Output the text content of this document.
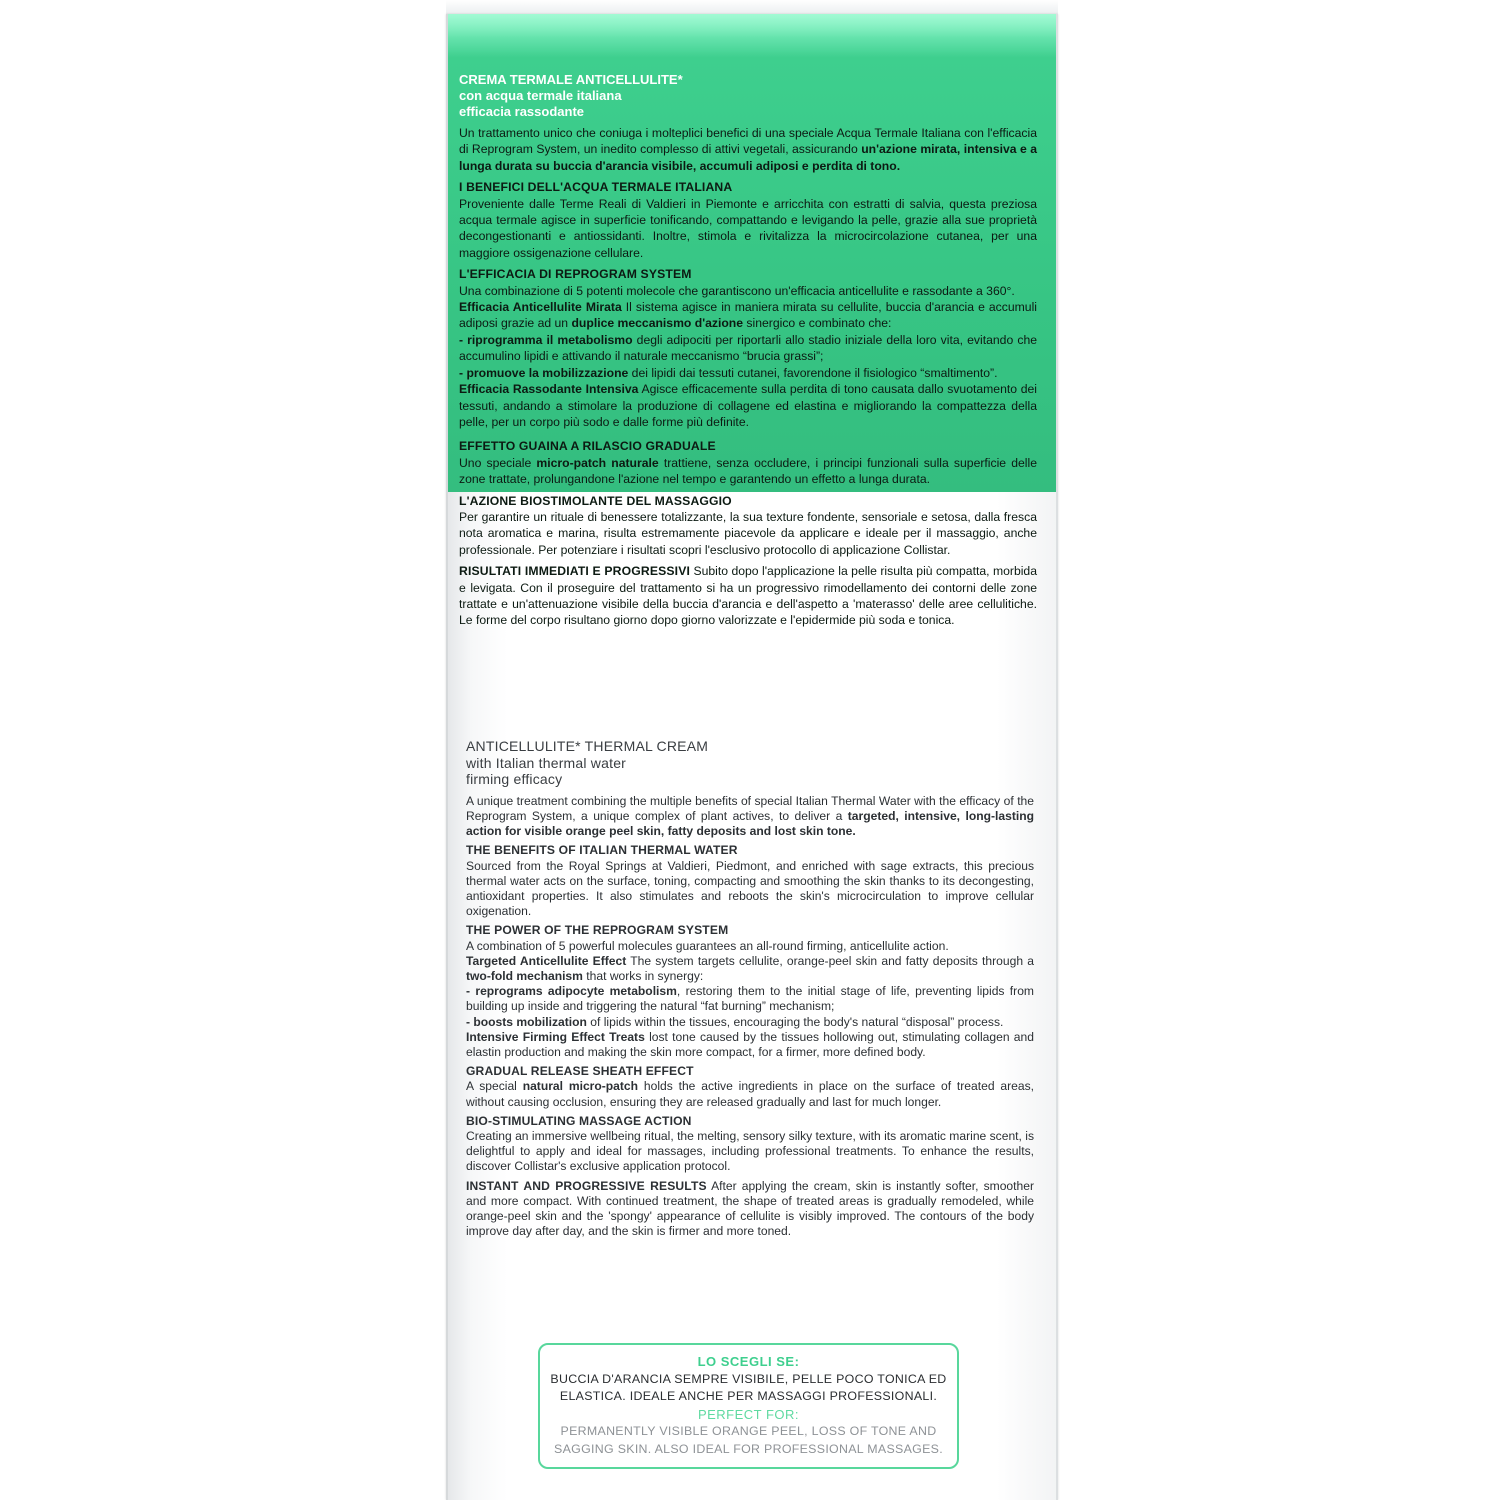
CREMA TERMALE ANTICELLULITE*
con acqua termale italiana
efficacia rassodante

Un trattamento unico che coniuga i molteplici benefici di una speciale Acqua Termale Italiana con l'efficacia di Reprogram System, un inedito complesso di attivi vegetali, assicurando un'azione mirata, intensiva e a lunga durata su buccia d'arancia visibile, accumuli adiposi e perdita di tono.

I BENEFICI DELL'ACQUA TERMALE ITALIANA

Proveniente dalle Terme Reali di Valdieri in Piemonte e arricchita con estratti di salvia, questa preziosa acqua termale agisce in superficie tonificando, compattando e levigando la pelle, grazie alla sue proprietà decongestionanti e antiossidanti. Inoltre, stimola e rivitalizza la microcircolazione cutanea, per una maggiore ossigenazione cellulare.

L'EFFICACIA DI REPROGRAM SYSTEM

Una combinazione di 5 potenti molecole che garantiscono un'efficacia anticellulite e rassodante a 360°.

Efficacia Anticellulite Mirata Il sistema agisce in maniera mirata su cellulite, buccia d'arancia e accumuli adiposi grazie ad un duplice meccanismo d'azione sinergico e combinato che:

- riprogramma il metabolismo degli adipociti per riportarli allo stadio iniziale della loro vita, evitando che accumulino lipidi e attivando il naturale meccanismo “brucia grassi”;

- promuove la mobilizzazione dei lipidi dai tessuti cutanei, favorendone il fisiologico “smaltimento”.

Efficacia Rassodante Intensiva Agisce efficacemente sulla perdita di tono causata dallo svuotamento dei tessuti, andando a stimolare la produzione di collagene ed elastina e migliorando la compattezza della pelle, per un corpo più sodo e dalle forme più definite.

EFFETTO GUAINA A RILASCIO GRADUALE

Uno speciale micro-patch naturale trattiene, senza occludere, i principi funzionali sulla superficie delle zone trattate, prolungandone l'azione nel tempo e garantendo un effetto a lunga durata.

L'AZIONE BIOSTIMOLANTE DEL MASSAGGIO

Per garantire un rituale di benessere totalizzante, la sua texture fondente, sensoriale e setosa, dalla fresca nota aromatica e marina, risulta estremamente piacevole da applicare e ideale per il massaggio, anche professionale. Per potenziare i risultati scopri l'esclusivo protocollo di applicazione Collistar.

RISULTATI IMMEDIATI E PROGRESSIVI Subito dopo l'applicazione la pelle risulta più compatta, morbida e levigata. Con il proseguire del trattamento si ha un progressivo rimodellamento dei contorni delle zone trattate e un'attenuazione visibile della buccia d'arancia e dell'aspetto a 'materasso' delle aree cellulitiche. Le forme del corpo risultano giorno dopo giorno valorizzate e l'epidermide più soda e tonica.

ANTICELLULITE* THERMAL CREAM
with Italian thermal water
firming efficacy

A unique treatment combining the multiple benefits of special Italian Thermal Water with the efficacy of the Reprogram System, a unique complex of plant actives, to deliver a targeted, intensive, long-lasting action for visible orange peel skin, fatty deposits and lost skin tone.

THE BENEFITS OF ITALIAN THERMAL WATER

Sourced from the Royal Springs at Valdieri, Piedmont, and enriched with sage extracts, this precious thermal water acts on the surface, toning, compacting and smoothing the skin thanks to its decongesting, antioxidant properties. It also stimulates and reboots the skin's microcirculation to improve cellular oxigenation.

THE POWER OF THE REPROGRAM SYSTEM

A combination of 5 powerful molecules guarantees an all-round firming, anticellulite action.

Targeted Anticellulite Effect The system targets cellulite, orange-peel skin and fatty deposits through a two-fold mechanism that works in synergy:

- reprograms adipocyte metabolism, restoring them to the initial stage of life, preventing lipids from building up inside and triggering the natural “fat burning” mechanism;

- boosts mobilization of lipids within the tissues, encouraging the body's natural “disposal” process.

Intensive Firming Effect Treats lost tone caused by the tissues hollowing out, stimulating collagen and elastin production and making the skin more compact, for a firmer, more defined body.

GRADUAL RELEASE SHEATH EFFECT

A special natural micro-patch holds the active ingredients in place on the surface of treated areas, without causing occlusion, ensuring they are released gradually and last for much longer.

BIO-STIMULATING MASSAGE ACTION

Creating an immersive wellbeing ritual, the melting, sensory silky texture, with its aromatic marine scent, is delightful to apply and ideal for massages, including professional treatments. To enhance the results, discover Collistar's exclusive application protocol.

INSTANT AND PROGRESSIVE RESULTS After applying the cream, skin is instantly softer, smoother and more compact. With continued treatment, the shape of treated areas is gradually remodeled, while orange-peel skin and the 'spongy' appearance of cellulite is visibly improved. The contours of the body improve day after day, and the skin is firmer and more toned.

LO SCEGLI SE:
BUCCIA D'ARANCIA SEMPRE VISIBILE, PELLE POCO TONICA ED
ELASTICA. IDEALE ANCHE PER MASSAGGI PROFESSIONALI.
PERFECT FOR:
PERMANENTLY VISIBLE ORANGE PEEL, LOSS OF TONE AND
SAGGING SKIN. ALSO IDEAL FOR PROFESSIONAL MASSAGES.
